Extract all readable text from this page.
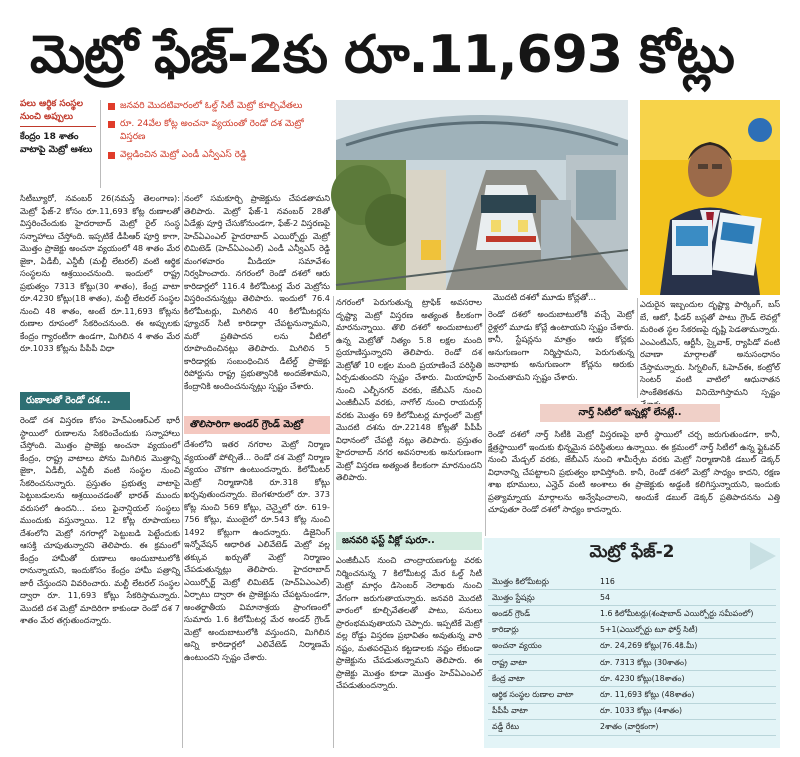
మెట్రో ఫేజ్-2కు రూ.11,693 కోట్లు
పలు ఆర్థిక సంస్థల నుంచి అప్పులు
కేంద్రం 18 శాతం వాటాపై మెట్రో ఆశలు
జనవరి మొదటివారంలో ఓల్డ్ సిటీ మెట్రో కూల్చివేతలు
రూ. 24వేల కోట్ల అంచనా వ్యయంతో రెండో దశ మెట్రో విస్తరణ
వెల్లడించిన మెట్రో ఎండీ ఎన్వీఎస్ రెడ్డి
మొదటి దశలో మూడు కోచ్లతో...
సిటీబ్యూరో, నవంబర్ 26(నమస్తే తెలంగాణ): మెట్రో ఫేజ్-2 కోసం రూ.11,693 కోట్ల రుణాలతో విస్తరించేందుకు హైదరాబాద్ మెట్రో రైల్ సంస్థ సన్నాహాలు చేస్తోంది. ఇప్పటికే డీపీఆర్ పూర్తి కాగా, మొత్తం ప్రాజెక్టు అంచనా వ్యయంలో 48 శాతం మేర జైకా, ఏడీబీ, ఎన్డీబీ (మల్టీ లేటరల్) వంటి ఆర్థిక సంస్థలను ఆశ్రయించనుంది. ఇందులో రాష్ట్ర ప్రభుత్వం 7313 కోట్లు(30 శాతం), కేంద్ర వాటా రూ.4230 కోట్లు(18 శాతం), మల్టీ లేటరల్ సంస్థల నుంచి 48 శాతం, అంటే రూ.11,693 కోట్లను రుణాల రూపంలో సేకరించనుంది. ఈ అప్పులకు కేంద్రం గ్యారంటీగా ఉండగా, మిగిలిన 4 శాతం మేర రూ.1033 కోట్లను పీపీపీ విధా
నంలో సమకూర్చి ప్రాజెక్టును చేపడతామని తెలిపారు. మెట్రో ఫేజ్-1 నవంబర్ 28తో ఏడేళ్లు పూర్తి చేసుకోనుండగా, ఫేజ్-2 విస్తరణపై హెచ్ఏఎంఎల్ హైదరాబాద్ ఎయిర్పోర్టు మెట్రో లిమిటెడ్ (హెచ్ఏఎంఎల్) ఎండీ ఎన్వీఎస్ రెడ్డి మంగళవారం మీడియా సమావేశం నిర్వహించారు. నగరంలో రెండో దశలో ఆరు కారిడార్లలో 116.4 కిలోమీటర్ల మేర మెట్రోను విస్తరించనున్నట్లు తెలిపారు. ఇందులో 76.4 కిలోమీటర్లు, మిగిలిన 40 కిలోమీటర్లను ఫ్యూచర్ సిటీ కారిడార్గా చేపట్టనున్నామని, మరో ప్రతిపాదన లను వీటిలో రూపొందించినట్లు తెలిపారు. మిగిలిన 5 కారిడార్లకు సంబంధించిన డీటేల్డ్ ప్రాజెక్టు రిపోర్టును రాష్ట్ర ప్రభుత్వానికి అందజేశామని, కేంద్రానికి అందించనున్నట్లు స్పష్టం చేశారు.
నగరంలో పెరుగుతున్న ట్రాఫిక్ అవసరాల దృష్ట్యా మెట్రో విస్తరణ అత్యంత కీలకంగా మారనున్నాయి. తొలి దశలో అందుబాటులో ఉన్న మెట్రోతో నిత్యం 5.8 లక్షల మంది ప్రయాణిస్తున్నారని తెలిపారు. రెండో దశ మెట్రోతో 10 లక్షల మంది ప్రయాణించే పరిస్థితి ఏర్పడుతుందని స్పష్టం చేశారు. మియాపూర్ నుంచి ఎల్బీనగర్ వరకు, జేబీఎస్ నుంచి ఎంజీబీఎస్ వరకు, నాగోల్ నుంచి రాయదుర్గ్ వరకు మొత్తం 69 కిలోమీటర్ల మార్గంలో మెట్రో మొదటి దశను రూ.22148 కోట్లతో పీపీపీ విధానంలో చేపట్టి నట్లు తెలిపారు. ప్రస్తుతం హైదరాబాద్ నగర అవసరాలకు అనుగుణంగా మెట్రో విస్తరణ అత్యంత కీలకంగా మారనుందని తెలిపారు.
రెండో దశలో అందుబాటులోకి వచ్చే మెట్రో రైళ్లలో మూడు కోచ్లే ఉంటాయని స్పష్టం చేశారు. కానీ, స్టేషన్లను మాత్రం ఆరు కోచ్లకు అనుగుణంగా నిర్మిస్తామని, పెరుగుతున్న జనాభాకు అనుగుణంగా కోచ్లను ఆరుకు పెంచుతామని స్పష్టం చేశారు.
ఎదురైన ఇబ్బందుల దృష్ట్యా పార్కింగ్, బస్ బే, ఆటో, ఫీడర్ బస్లతో పాటు గ్రౌండ్ లెవల్లో మరింత స్థల సేకరణపై దృష్టి పెడతామన్నారు. ఎంఎంటీఎస్, ఆర్టీసీ, స్కైవాక్, ర్యాపిడో వంటి రవాణా మార్గాలతో అనుసంధానం చేస్తామన్నారు. సిగ్నలింగ్, ఓహెచ్ఈ, కంట్రోల్ సెంటర్ వంటి వాటిలో ఆధునాతన సాంకేతికతను వినియోగిస్తామని స్పష్టం
రుణాలతో రెండో దశ...
రెండో దశ విస్తరణ కోసం హెచ్ఎంఆర్ఎల్ భారీ స్థాయిలో రుణాలను సేకరించేందుకు సన్నాహాలు చేస్తోంది. మొత్తం ప్రాజెక్టు అంచనా వ్యయంలో కేంద్రం, రాష్ట్ర వాటాలు పోను మిగిలిన మొత్తాన్ని జైకా, ఏడీబీ, ఎన్డీబీ వంటి సంస్థల నుంచి సేకరించనున్నారు. ప్రస్తుతం ప్రభుత్వ వాటాపై పెట్టుబడులను ఆశ్రయించడంతో భారత్ ముందు వరుసలో ఉందని... పలు ఫైనాన్షియల్ సంస్థలు ముందుకు వస్తున్నాయి. 12 కోట్ల రూపాయలు దేశంలోని మెట్రో నగరాల్లో పెట్టుబడి పెట్టేందుకు ఆసక్తి చూపుతున్నారని తెలిపారు. ఈ క్రమంలో కేంద్రం హామీతో రుణాలు అందుబాటులోకి రానున్నాయని, ఇందుకోసం కేంద్రం హామీ పత్రాన్ని జారీ చేస్తుందని వివరించారు. మల్టీ లేటరల్ సంస్థల ద్వారా రూ. 11,693 కోట్లు సేకరిస్తామన్నారు. మొదటి దశ మెట్రో మాదిరిగా కాకుండా రెండో దశ 7 శాతం మేర తగ్గుతుందన్నారు.
తొలిసారిగా అండర్ గ్రౌండ్ మెట్రో
దేశంలోని ఇతర నగరాల మెట్రో నిర్మాణ వ్యయంతో పోల్చితే... రెండో దశ మెట్రో నిర్మాణ వ్యయం చౌకగా ఉంటుందన్నారు. కిలోమీటర్ మెట్రో నిర్మాణానికి రూ.318 కోట్లు ఖర్చవుతుందన్నారు. బెంగళూరులో రూ. 373 కోట్ల నుంచి 569 కోట్లు, చెన్నైలో రూ. 619-756 కోట్లు, ముంబైలో రూ.543 కోట్ల నుంచి 1492 కోట్లుగా ఉందన్నారు. డిజైనింగ్ ఇన్నోవేషన్ ఆధారిత ఎలివేటెడ్ మెట్రో వల్ల తక్కువ ఖర్చుతో మెట్రో నిర్మాణం చేపడుతున్నట్లు తెలిపారు. హైదరాబాద్ ఎయిర్పోర్ట్ మెట్రో లిమిటెడ్ (హెచ్ఏఎంఎల్) ఏర్పాటు ద్వారా ఈ ప్రాజెక్టును చేపట్టనుండగా, అంతర్జాతీయ విమానాశ్రయ ప్రాంగణంలో సుమారు 1.6 కిలోమీటర్ల మేర అండర్ గ్రౌండ్ మెట్రో అందుబాటులోకి వస్తుందని, మిగిలిన అన్ని కారిడార్లలో ఎలివేటెడ్ నిర్మాణమే ఉంటుందని స్పష్టం చేశారు.
జనవరి ఫస్ట్ వీక్లో షురూ..
ఎంజీబీఎస్ నుంచి చాంద్రాయణగుట్ట వరకు నిర్మించనున్న 7 కిలోమీటర్ల మేర ఓల్డ్ సిటీ మెట్రో మార్గం డిసెంబర్ నెలాఖరు నుంచి వేగంగా జరుగుతాయన్నారు. జనవరి మొదటి వారంలో కూల్చివేతలతో పాటు, పనులు ప్రారంభమవుతాయని చెప్పారు. ఇప్పటికే మెట్రో వల్ల రోడ్డు విస్తరణ ప్రభావితం అవుతున్న వారి నష్టం, మతపరమైన కట్టడాలకు నష్టం లేకుండా ప్రాజెక్టును చేపడుతున్నామని తెలిపారు. ఈ ప్రాజెక్టు మొత్తం కూడా మొత్తం హెచ్ఏఎంఎల్ చేపడుతుందన్నారు.
నార్త్ సిటీలో ఇన్నట్లో లేనట్లే..
రెండో దశలో నార్త్ సిటీకి మెట్రో విస్తరణపై భారీ స్థాయిలో చర్చ జరుగుతుండగా, కానీ, క్షేత్రస్థాయిలో ఇందుకు భిన్నమైన పరిస్థితులు ఉన్నాయి. ఈ క్రమంలో నార్త్ సిటీలో ఉన్న ఫ్లైఓవర్ నుంచి మేడ్చల్ వరకు, జేబీఎస్ నుంచి శామీర్పేట వరకు మెట్రో నిర్మాణానికి డబుల్ డెక్కర్ విధానాన్ని చేపట్టాలని ప్రభుత్వం భావిస్తోంది. కానీ, రెండో దశలో మెట్రో సాధ్యం కాదని, రక్షణ శాఖ భూములు, ఎన్హెచ్ వంటి అంశాలు ఈ ప్రాజెక్టుకు అడ్డంకి కలిగిస్తున్నాయని, ఇందుకు ప్రత్యామ్నాయ మార్గాలను అన్వేషించాలని, అందుకే డబుల్ డెక్కర్ ప్రతిపాదనను ఎత్తి చూపుతూ రెండో దశలో సాధ్యం కాదన్నారు.
మెట్రో ఫేజ్-2
మొత్తం కిలోమీటర్లు	116
మొత్తం స్టేషన్లు	54
అండర్ గ్రౌండ్	1.6 కిలోమీటర్లు(శంషాబాద్ ఎయిర్పోర్టు సమీపంలో)
కారిడార్లు	5+1(ఎయిర్పోర్టు టూ ఫోర్త్ సిటీ)
అంచనా వ్యయం	రూ. 24,269 కోట్లు(76.4కి.మీ)
రాష్ట్ర వాటా	రూ. 7313 కోట్లు (30శాతం)
కేంద్ర వాటా	రూ. 4230 కోట్లు(18శాతం)
ఆర్థిక సంస్థల రుణాల వాటా	రూ. 11,693 కోట్లు (48శాతం)
పీపీపీ వాటా	రూ. 1033 కోట్లు (4శాతం)
వడ్డీ రేటు	2శాతం (వార్షికంగా)
